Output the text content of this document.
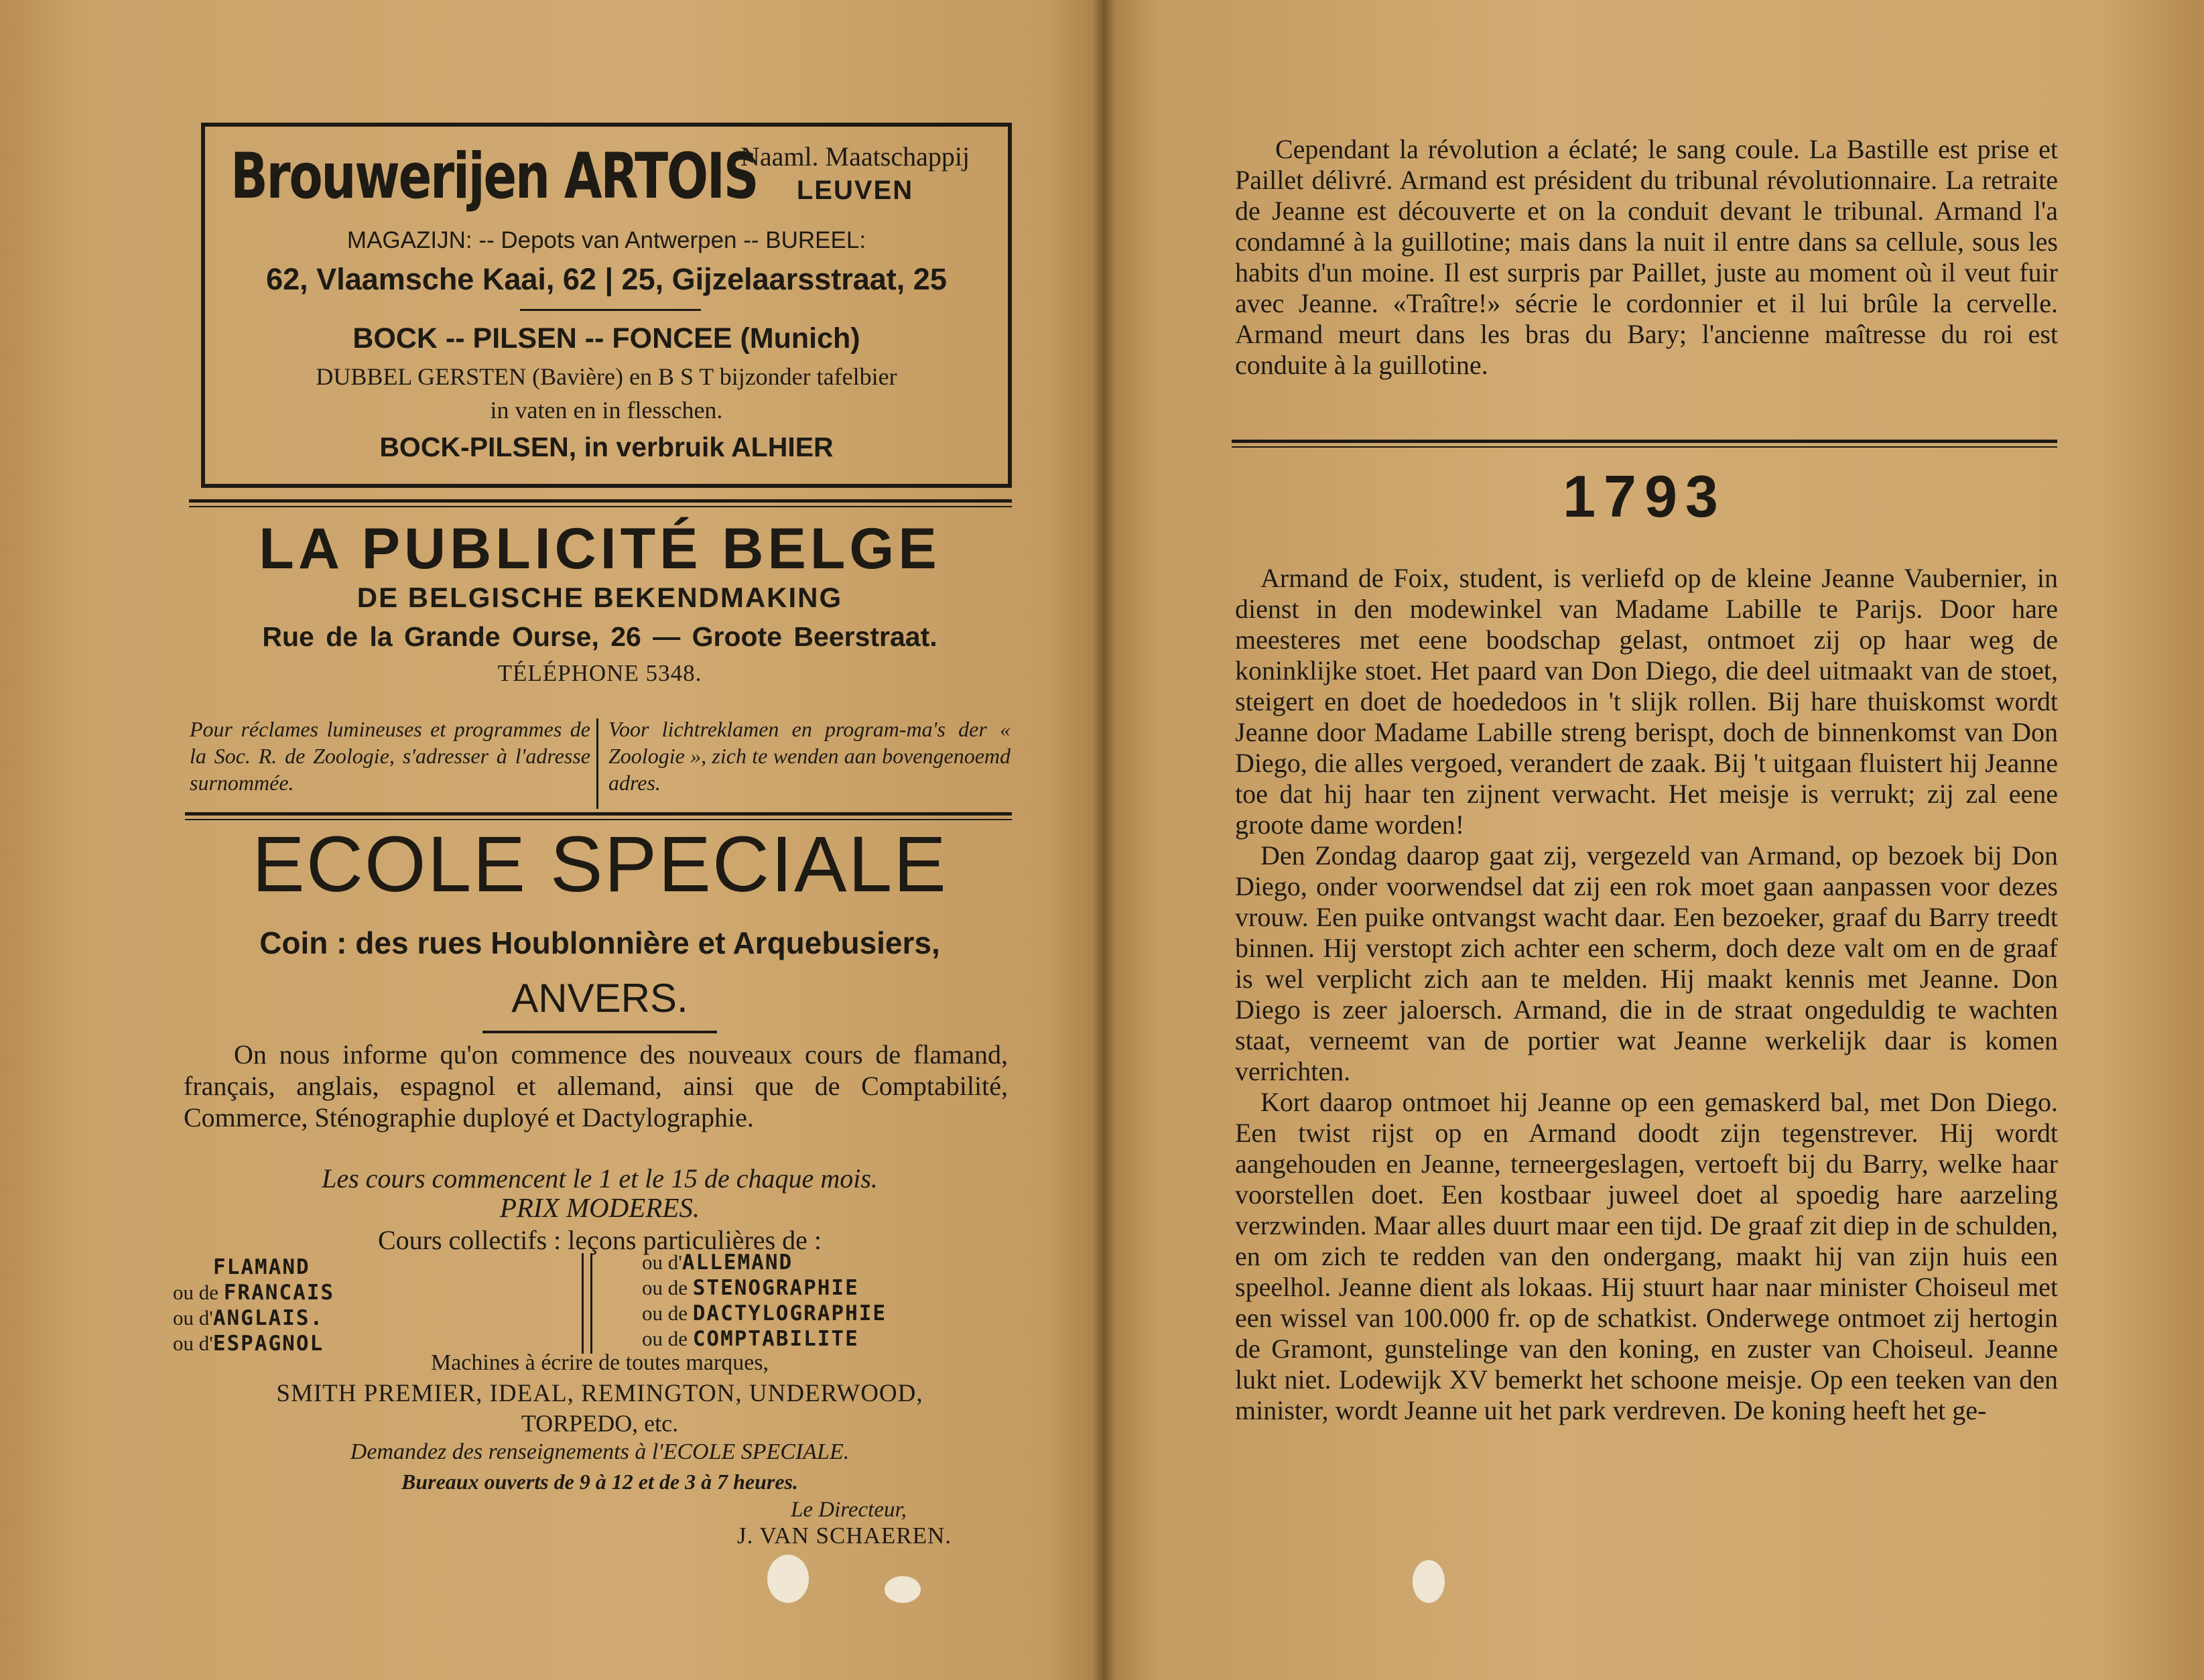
Brouwerijen ARTOIS
Naaml. Maatschappij
LEUVEN
MAGAZIJN: -- Depots van Antwerpen -- BUREEL:
62, Vlaamsche Kaai, 62 | 25, Gijzelaarsstraat, 25
BOCK -- PILSEN -- FONCEE (Munich)
DUBBEL GERSTEN (Bavière) en B S T bijzonder tafelbier
in vaten en in flesschen.
BOCK-PILSEN, in verbruik ALHIER
LA PUBLICITÉ BELGE
DE BELGISCHE BEKENDMAKING
Rue de la Grande Ourse, 26 — Groote Beerstraat.
TÉLÉPHONE 5348.
Pour réclames lumineuses et programmes de la Soc. R. de Zoologie, s'adresser à l'adresse surnommée.
Voor lichtreklamen en program-ma's der « Zoologie », zich te wenden aan bovengenoemd adres.
ECOLE SPECIALE
Coin : des rues Houblonnière et Arquebusiers,
ANVERS.
On nous informe qu'on commence des nouveaux cours de flamand, français, anglais, espagnol et allemand, ainsi que de Comptabilité, Commerce, Sténographie duployé et Dactylographie.
Les cours commencent le 1 et le 15 de chaque mois.
PRIX MODERES.
Cours collectifs : leçons particulières de :
FLAMAND
ou de FRANCAIS
ou d'ANGLAIS.
ou d'ESPAGNOL
ou d'ALLEMAND
ou de STENOGRAPHIE
ou de DACTYLOGRAPHIE
ou de COMPTABILITE
Machines à écrire de toutes marques,
SMITH PREMIER, IDEAL, REMINGTON, UNDERWOOD,
TORPEDO, etc.
Demandez des renseignements à l'ECOLE SPECIALE.
Bureaux ouverts de 9 à 12 et de 3 à 7 heures.
Le Directeur,
J. VAN SCHAEREN.
Cependant la révolution a éclaté; le sang coule. La Bastille est prise et Paillet délivré. Armand est président du tribunal révolutionnaire. La retraite de Jeanne est découverte et on la conduit devant le tribunal. Armand l'a condamné à la guillotine; mais dans la nuit il entre dans sa cellule, sous les habits d'un moine. Il est surpris par Paillet, juste au moment où il veut fuir avec Jeanne. «Traître!» sécrie le cordonnier et il lui brûle la cervelle. Armand meurt dans les bras du Bary; l'ancienne maîtresse du roi est conduite à la guillotine.
1793

Armand de Foix, student, is verliefd op de kleine Jeanne Vaubernier, in dienst in den modewinkel van Madame Labille te Parijs. Door hare meesteres met eene boodschap gelast, ontmoet zij op haar weg de koninklijke stoet. Het paard van Don Diego, die deel uitmaakt van de stoet, steigert en doet de hoededoos in 't slijk rollen. Bij hare thuiskomst wordt Jeanne door Madame Labille streng berispt, doch de binnenkomst van Don Diego, die alles vergoed, verandert de zaak. Bij 't uitgaan fluistert hij Jeanne toe dat hij haar ten zijnent verwacht. Het meisje is verrukt; zij zal eene groote dame worden!

Den Zondag daarop gaat zij, vergezeld van Armand, op bezoek bij Don Diego, onder voorwendsel dat zij een rok moet gaan aanpassen voor dezes vrouw. Een puike ontvangst wacht daar. Een bezoeker, graaf du Barry treedt binnen. Hij verstopt zich achter een scherm, doch deze valt om en de graaf is wel verplicht zich aan te melden. Hij maakt kennis met Jeanne. Don Diego is zeer jaloersch. Armand, die in de straat ongeduldig te wachten staat, verneemt van de portier wat Jeanne werkelijk daar is komen verrichten.

Kort daarop ontmoet hij Jeanne op een gemaskerd bal, met Don Diego. Een twist rijst op en Armand doodt zijn tegenstrever. Hij wordt aangehouden en Jeanne, terneergeslagen, vertoeft bij du Barry, welke haar voorstellen doet. Een kostbaar juweel doet al spoedig hare aarzeling verzwinden. Maar alles duurt maar een tijd. De graaf zit diep in de schulden, en om zich te redden van den ondergang, maakt hij van zijn huis een speelhol. Jeanne dient als lokaas. Hij stuurt haar naar minister Choiseul met een wissel van 100.000 fr. op de schatkist. Onderwege ontmoet zij hertogin de Gramont, gunstelinge van den koning, en zuster van Choiseul. Jeanne lukt niet. Lodewijk XV bemerkt het schoone meisje. Op een teeken van den minister, wordt Jeanne uit het park verdreven. De koning heeft het ge-
